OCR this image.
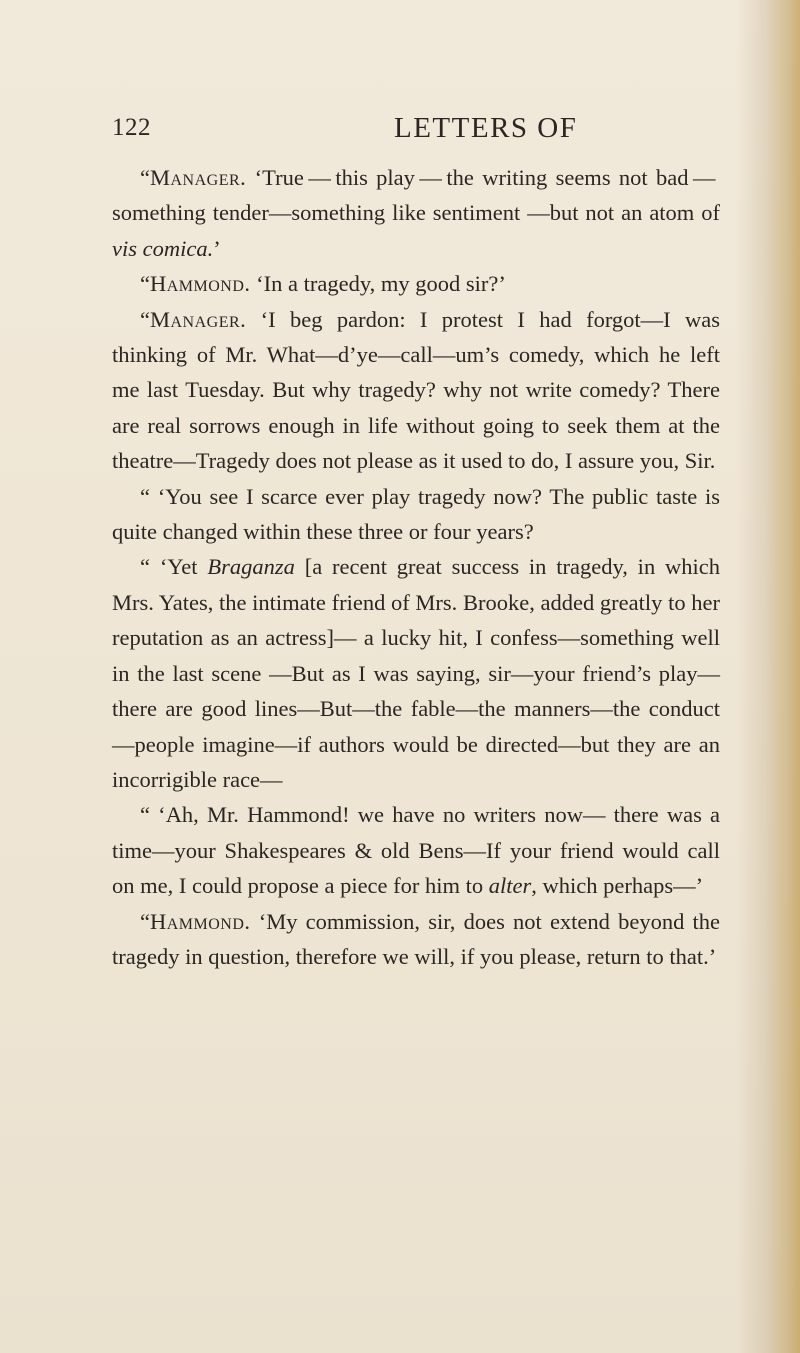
122	LETTERS OF

“Manager. ‘True — this play — the writing seems not bad — something tender—something like sentiment —but not an atom of vis comica.’

“Hammond. ‘In a tragedy, my good sir?’

“Manager. ‘I beg pardon: I protest I had forgot—I was thinking of Mr. What—d’ye—call—um’s comedy, which he left me last Tuesday. But why tragedy? why not write comedy? There are real sorrows enough in life without going to seek them at the theatre—Tragedy does not please as it used to do, I assure you, Sir.

“ ‘You see I scarce ever play tragedy now? The public taste is quite changed within these three or four years?

“ ‘Yet Braganza [a recent great success in tragedy, in which Mrs. Yates, the intimate friend of Mrs. Brooke, added greatly to her reputation as an actress]— a lucky hit, I confess—something well in the last scene —But as I was saying, sir—your friend’s play—there are good lines—But—the fable—the manners—the conduct—people imagine—if authors would be directed—but they are an incorrigible race—

“ ‘Ah, Mr. Hammond! we have no writers now— there was a time—your Shakespeares & old Bens—If your friend would call on me, I could propose a piece for him to alter, which perhaps—’

“Hammond. ‘My commission, sir, does not extend beyond the tragedy in question, therefore we will, if you please, return to that.’
